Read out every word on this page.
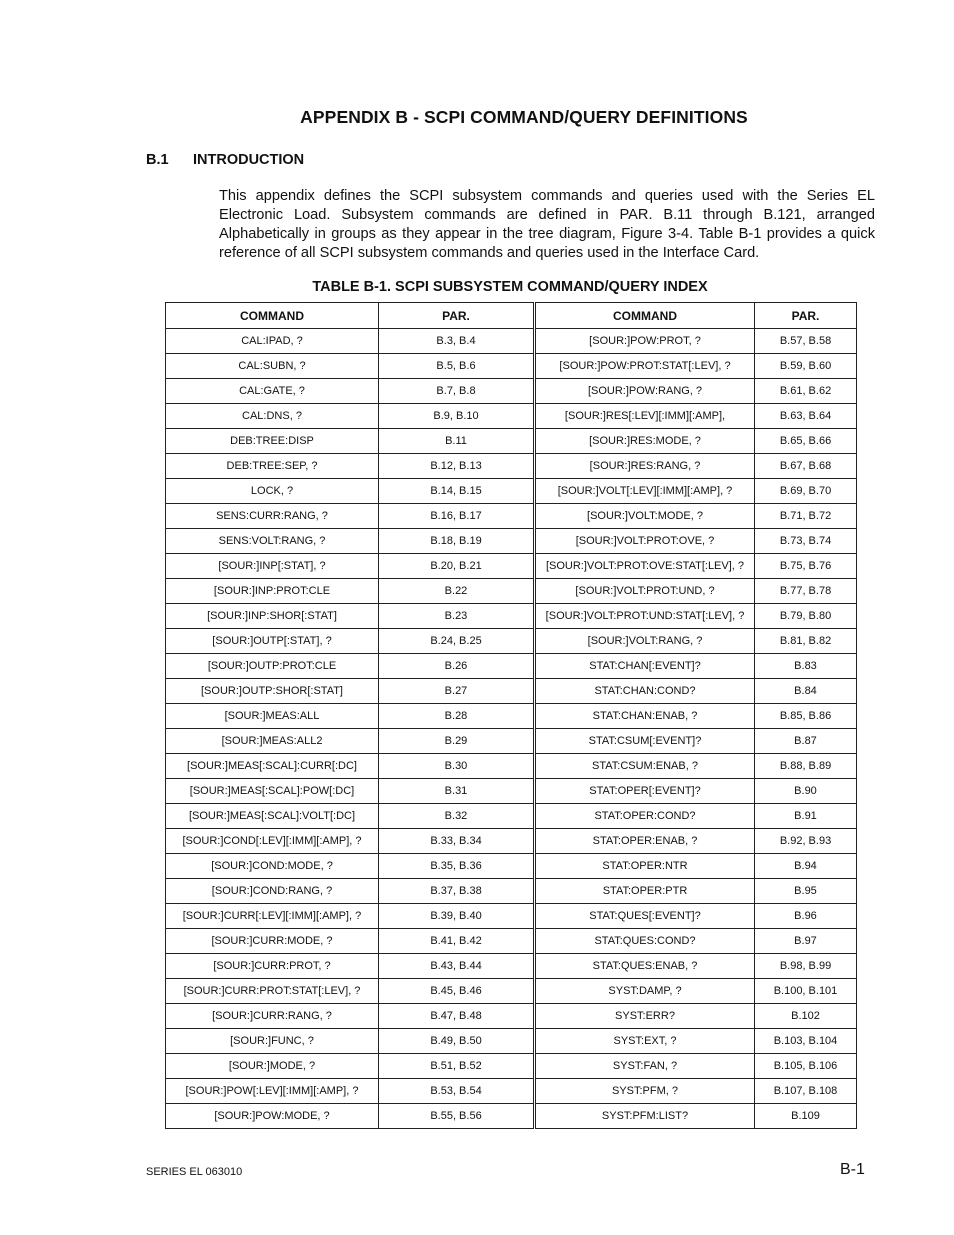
APPENDIX B - SCPI COMMAND/QUERY DEFINITIONS
B.1 INTRODUCTION

This appendix defines the SCPI subsystem commands and queries used with the Series EL Electronic Load. Subsystem commands are defined in PAR. B.11 through B.121, arranged Alphabetically in groups as they appear in the tree diagram, Figure 3-4. Table B-1 provides a quick reference of all SCPI subsystem commands and queries used in the Interface Card.

TABLE B-1. SCPI SUBSYSTEM COMMAND/QUERY INDEX
COMMAND	PAR.	COMMAND	PAR.
CAL:IPAD, ?	B.3, B.4	[SOUR:]POW:PROT, ?	B.57, B.58
CAL:SUBN, ?	B.5, B.6	[SOUR:]POW:PROT:STAT[:LEV], ?	B.59, B.60
CAL:GATE, ?	B.7, B.8	[SOUR:]POW:RANG, ?	B.61, B.62
CAL:DNS, ?	B.9, B.10	[SOUR:]RES[:LEV][:IMM][:AMP],	B.63, B.64
DEB:TREE:DISP	B.11	[SOUR:]RES:MODE, ?	B.65, B.66
DEB:TREE:SEP, ?	B.12, B.13	[SOUR:]RES:RANG, ?	B.67, B.68
LOCK, ?	B.14, B.15	[SOUR:]VOLT[:LEV][:IMM][:AMP], ?	B.69, B.70
SENS:CURR:RANG, ?	B.16, B.17	[SOUR:]VOLT:MODE, ?	B.71, B.72
SENS:VOLT:RANG, ?	B.18, B.19	[SOUR:]VOLT:PROT:OVE, ?	B.73, B.74
[SOUR:]INP[:STAT], ?	B.20, B.21	[SOUR:]VOLT:PROT:OVE:STAT[:LEV], ?	B.75, B.76
[SOUR:]INP:PROT:CLE	B.22	[SOUR:]VOLT:PROT:UND, ?	B.77, B.78
[SOUR:]INP:SHOR[:STAT]	B.23	[SOUR:]VOLT:PROT:UND:STAT[:LEV], ?	B.79, B.80
[SOUR:]OUTP[:STAT], ?	B.24, B.25	[SOUR:]VOLT:RANG, ?	B.81, B.82
[SOUR:]OUTP:PROT:CLE	B.26	STAT:CHAN[:EVENT]?	B.83
[SOUR:]OUTP:SHOR[:STAT]	B.27	STAT:CHAN:COND?	B.84
[SOUR:]MEAS:ALL	B.28	STAT:CHAN:ENAB, ?	B.85, B.86
[SOUR:]MEAS:ALL2	B.29	STAT:CSUM[:EVENT]?	B.87
[SOUR:]MEAS[:SCAL]:CURR[:DC]	B.30	STAT:CSUM:ENAB, ?	B.88, B.89
[SOUR:]MEAS[:SCAL]:POW[:DC]	B.31	STAT:OPER[:EVENT]?	B.90
[SOUR:]MEAS[:SCAL]:VOLT[:DC]	B.32	STAT:OPER:COND?	B.91
[SOUR:]COND[:LEV][:IMM][:AMP], ?	B.33, B.34	STAT:OPER:ENAB, ?	B.92, B.93
[SOUR:]COND:MODE, ?	B.35, B.36	STAT:OPER:NTR	B.94
[SOUR:]COND:RANG, ?	B.37, B.38	STAT:OPER:PTR	B.95
[SOUR:]CURR[:LEV][:IMM][:AMP], ?	B.39, B.40	STAT:QUES[:EVENT]?	B.96
[SOUR:]CURR:MODE, ?	B.41, B.42	STAT:QUES:COND?	B.97
[SOUR:]CURR:PROT, ?	B.43, B.44	STAT:QUES:ENAB, ?	B.98, B.99
[SOUR:]CURR:PROT:STAT[:LEV], ?	B.45, B.46	SYST:DAMP, ?	B.100, B.101
[SOUR:]CURR:RANG, ?	B.47, B.48	SYST:ERR?	B.102
[SOUR:]FUNC, ?	B.49, B.50	SYST:EXT, ?	B.103, B.104
[SOUR:]MODE, ?	B.51, B.52	SYST:FAN, ?	B.105, B.106
[SOUR:]POW[:LEV][:IMM][:AMP], ?	B.53, B.54	SYST:PFM, ?	B.107, B.108
[SOUR:]POW:MODE, ?	B.55, B.56	SYST:PFM:LIST?	B.109
SERIES EL 063010	B-1
